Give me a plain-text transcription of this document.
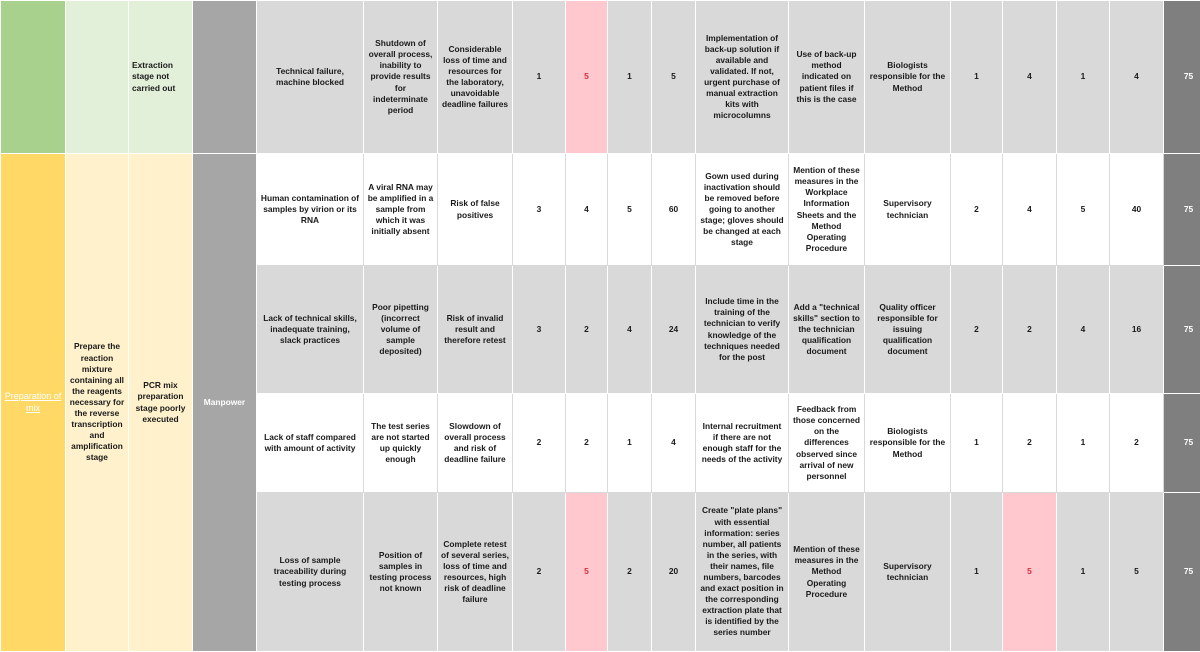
		Extraction stage not carried out		Technical failure, machine blocked	Shutdown of overall process, inability to provide results for indeterminate period	Considerable loss of time and resources for the laboratory, unavoidable deadline failures	1	5	1	5	Implementation of back-up solution if available and validated. If not, urgent purchase of manual extraction kits with microcolumns	Use of back-up method indicated on patient files if this is the case	Biologists responsible for the Method	1	4	1	4	75	
Preparation of mix	Prepare the reaction mixture containing all the reagents necessary for the reverse transcription and amplification stage	PCR mix preparation stage poorly executed	Manpower	Human contamination of samples by virion or its RNA	A viral RNA may be amplified in a sample from which it was initially absent	Risk of false positives	3	4	5	60	Gown used during inactivation should be removed before going to another stage; gloves should be changed at each stage	Mention of these measures in the Workplace Information Sheets and the Method Operating Procedure	Supervisory technician	2	4	5	40	75	
				Lack of technical skills, inadequate training, slack practices	Poor pipetting (incorrect volume of sample deposited)	Risk of invalid result and therefore retest	3	2	4	24	Include time in the training of the technician to verify knowledge of the techniques needed for the post	Add a "technical skills" section to the technician qualification document	Quality officer responsible for issuing qualification document	2	2	4	16	75	
				Lack of staff compared with amount of activity	The test series are not started up quickly enough	Slowdown of overall process and risk of deadline failure	2	2	1	4	Internal recruitment if there are not enough staff for the needs of the activity	Feedback from those concerned on the differences observed since arrival of new personnel	Biologists responsible for the Method	1	2	1	2	75	
				Loss of sample traceability during testing process	Position of samples in testing process not known	Complete retest of several series, loss of time and resources, high risk of deadline failure	2	5	2	20	Create "plate plans" with essential information: series number, all patients in the series, with their names, file numbers, barcodes and exact position in the corresponding extraction plate that is identified by the series number	Mention of these measures in the Method Operating Procedure	Supervisory technician	1	5	1	5	75	
